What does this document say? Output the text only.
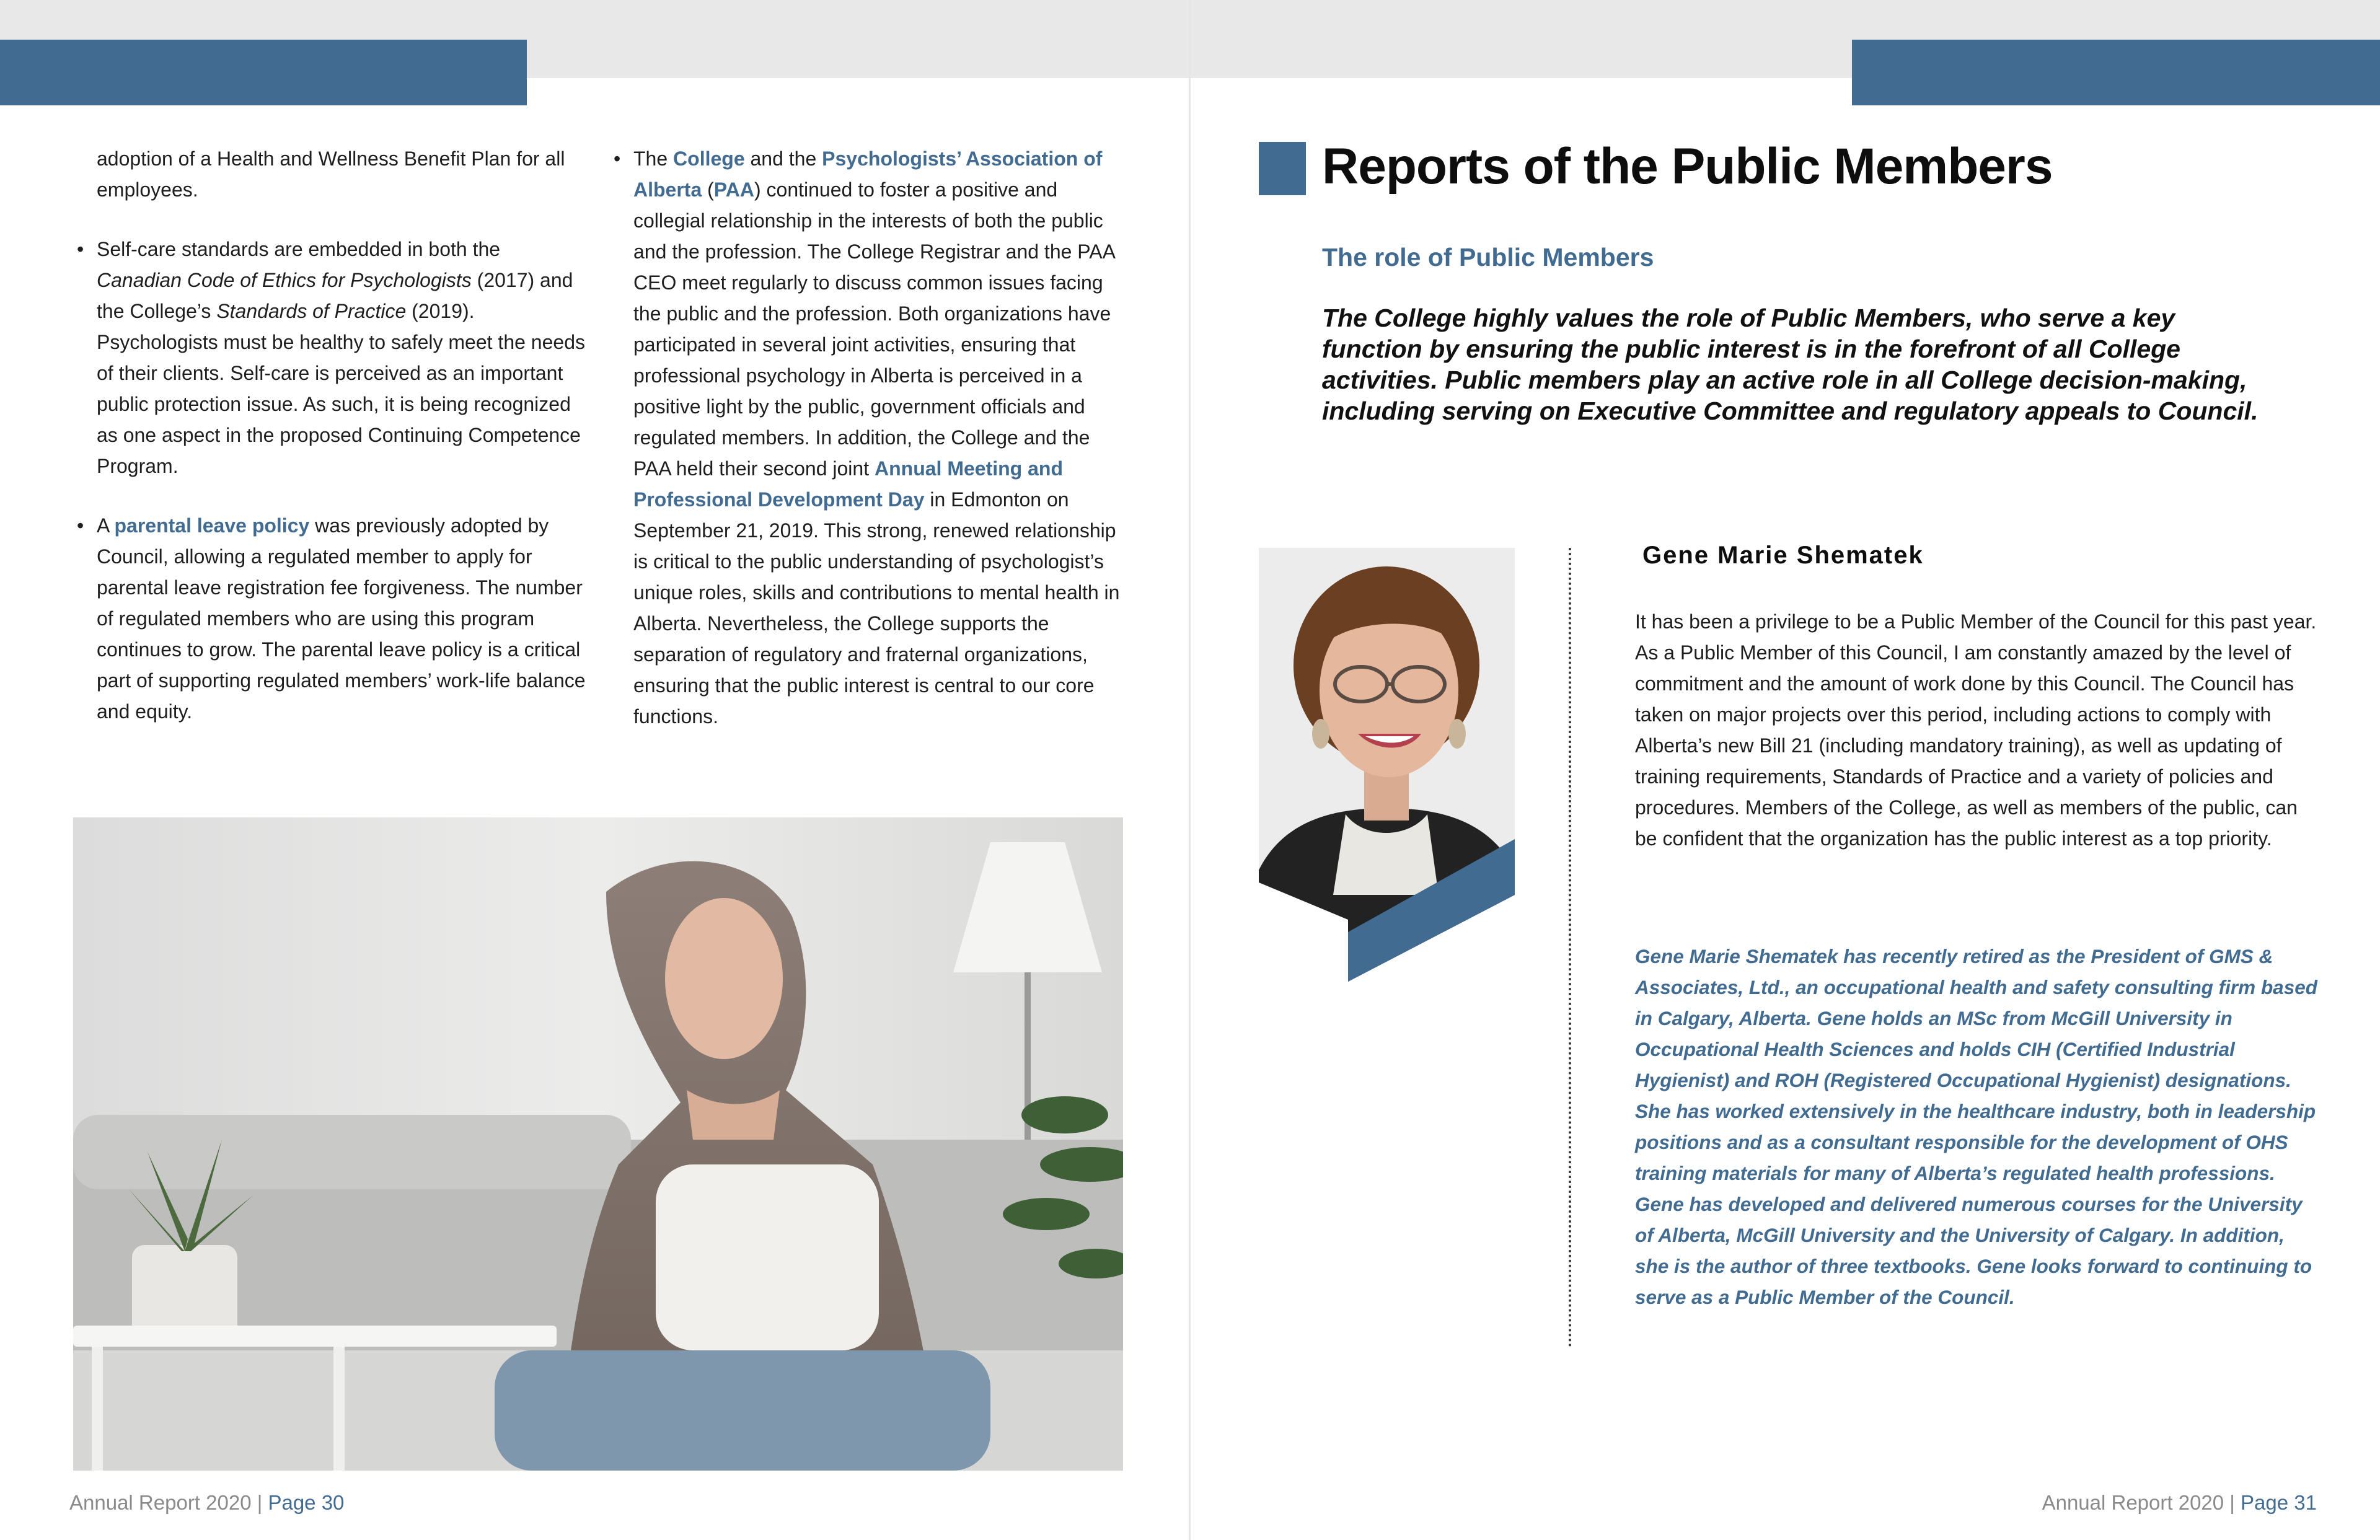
adoption of a Health and Wellness Benefit Plan for all employees.

• Self-care standards are embedded in both the Canadian Code of Ethics for Psychologists (2017) and the College’s Standards of Practice (2019). Psychologists must be healthy to safely meet the needs of their clients. Self-care is perceived as an important public protection issue. As such, it is being recognized as one aspect in the proposed Continuing Competence Program.
• A parental leave policy was previously adopted by Council, allowing a regulated member to apply for parental leave registration fee forgiveness. The number of regulated members who are using this program continues to grow. The parental leave policy is a critical part of supporting regulated members’ work-life balance and equity.
• The College and the Psychologists’ Association of Alberta (PAA) continued to foster a positive and collegial relationship in the interests of both the public and the profession. The College Registrar and the PAA CEO meet regularly to discuss common issues facing the public and the profession. Both organizations have participated in several joint activities, ensuring that professional psychology in Alberta is perceived in a positive light by the public, government officials and regulated members. In addition, the College and the PAA held their second joint Annual Meeting and Professional Development Day in Edmonton on September 21, 2019. This strong, renewed relationship is critical to the public understanding of psychologist’s unique roles, skills and contributions to mental health in Alberta. Nevertheless, the College supports the separation of regulatory and fraternal organizations, ensuring that the public interest is central to our core functions.
Annual Report 2020 | Page 30
Reports of the Public Members
The role of Public Members

The College highly values the role of Public Members, who serve a key function by ensuring the public interest is in the forefront of all College activities. Public members play an active role in all College decision-making, including serving on Executive Committee and regulatory appeals to Council.

Gene Marie Shematek

It has been a privilege to be a Public Member of the Council for this past year. As a Public Member of this Council, I am constantly amazed by the level of commitment and the amount of work done by this Council. The Council has taken on major projects over this period, including actions to comply with Alberta’s new Bill 21 (including mandatory training), as well as updating of training requirements, Standards of Practice and a variety of policies and procedures. Members of the College, as well as members of the public, can be confident that the organization has the public interest as a top priority.

Gene Marie Shematek has recently retired as the President of GMS & Associates, Ltd., an occupational health and safety consulting firm based in Calgary, Alberta. Gene holds an MSc from McGill University in Occupational Health Sciences and holds CIH (Certified Industrial Hygienist) and ROH (Registered Occupational Hygienist) designations. She has worked extensively in the healthcare industry, both in leadership positions and as a consultant responsible for the development of OHS training materials for many of Alberta’s regulated health professions. Gene has developed and delivered numerous courses for the University of Alberta, McGill University and the University of Calgary. In addition, she is the author of three textbooks. Gene looks forward to continuing to serve as a Public Member of the Council.

Annual Report 2020 | Page 31
